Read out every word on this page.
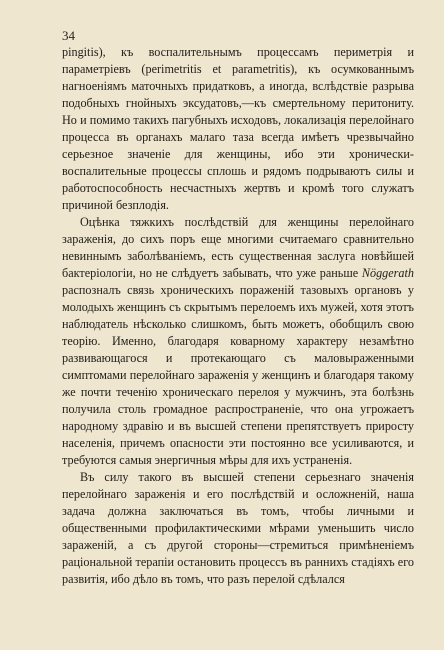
34

pingitis), къ воспалительнымъ процессамъ периметрія и параметріевъ (perimetritis et parametritis), къ осумкованнымъ нагноеніямъ маточныхъ придатковъ, а иногда, вслѣдствіе разрыва подобныхъ гнойныхъ эксудатовъ,—къ смертельному перитониту. Но и помимо такихъ пагубныхъ исходовъ, локализація перелойнаго процесса въ органахъ малаго таза всегда имѣетъ чрезвычайно серьезное значеніе для женщины, ибо эти хронически-воспалительные процессы сплошь и рядомъ подрываютъ силы и работоспособность несчастныхъ жертвъ и кромѣ того служатъ причиной безплодія.

Оцѣнка тяжкихъ послѣдствій для женщины перелойнаго зараженія, до сихъ поръ еще многими считаемаго сравнительно невиннымъ заболѣваніемъ, есть существенная заслуга новѣйшей бактеріологіи, но не слѣдуетъ забывать, что уже раньше Nöggerath распозналъ связь хроническихъ пораженій тазовыхъ органовъ у молодыхъ женщинъ съ скрытымъ перелоемъ ихъ мужей, хотя этотъ наблюдатель нѣсколько слишкомъ, быть можетъ, обобщилъ свою теорію. Именно, благодаря коварному характеру незамѣтно развивающагося и протекающаго съ маловыраженными симптомами перелойнаго зараженія у женщинъ и благодаря такому же почти теченію хроническаго перелоя у мужчинъ, эта болѣзнь получила столь громадное распространеніе, что она угрожаетъ народному здравію и въ высшей степени препятствуетъ приросту населенія, причемъ опасности эти постоянно все усиливаются, и требуются самыя энергичныя мѣры для ихъ устраненія.

Въ силу такого въ высшей степени серьезнаго значенія перелойнаго зараженія и его послѣдствій и осложненій, наша задача должна заключаться въ томъ, чтобы личными и общественными профилактическими мѣрами уменьшить число зараженій, а съ другой стороны—стремиться примѣненіемъ раціональной терапіи остановить процессъ въ раннихъ стадіяхъ его развитія, ибо дѣло въ томъ, что разъ перелой сдѣлался
